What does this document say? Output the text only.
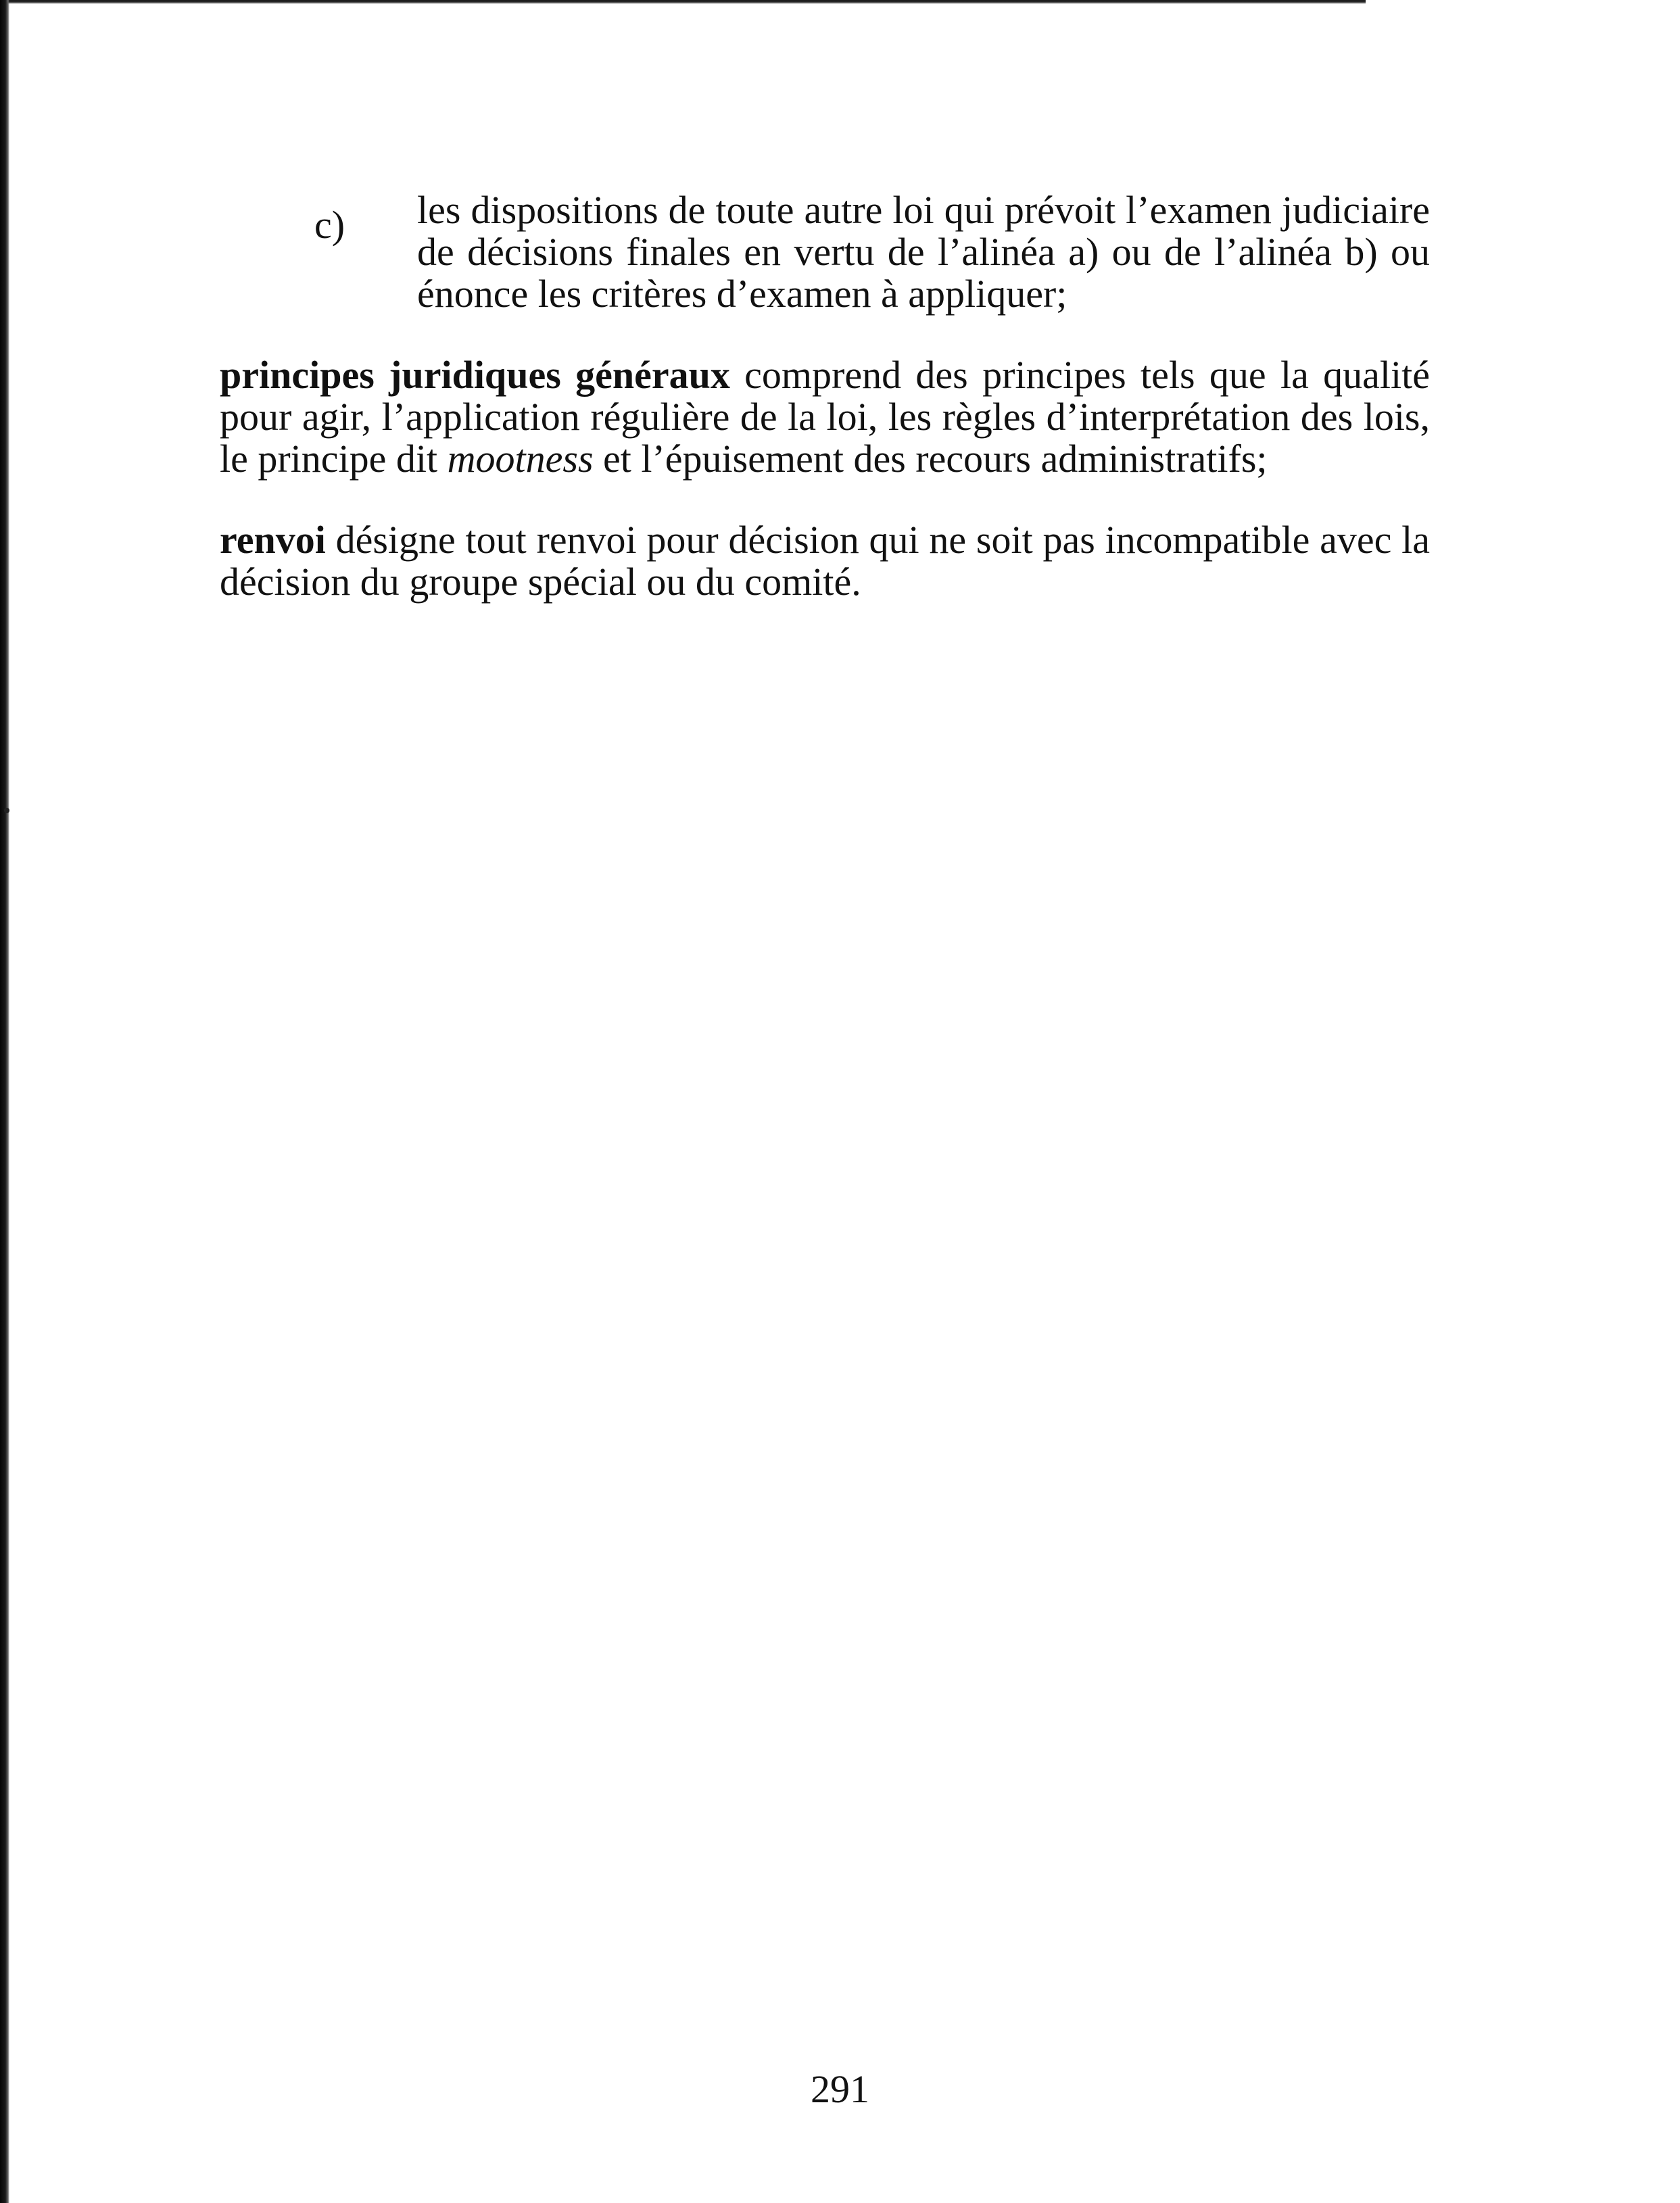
c)	les dispositions de toute autre loi qui prévoit l’examen judiciaire de décisions finales en vertu de l’alinéa a) ou de l’alinéa b) ou énonce les critères d’examen à appliquer;

principes juridiques généraux comprend des principes tels que la qualité pour agir, l’application régulière de la loi, les règles d’interprétation des lois, le principe dit mootness et l’épuisement des recours administratifs;

renvoi désigne tout renvoi pour décision qui ne soit pas incompatible avec la décision du groupe spécial ou du comité.

291
